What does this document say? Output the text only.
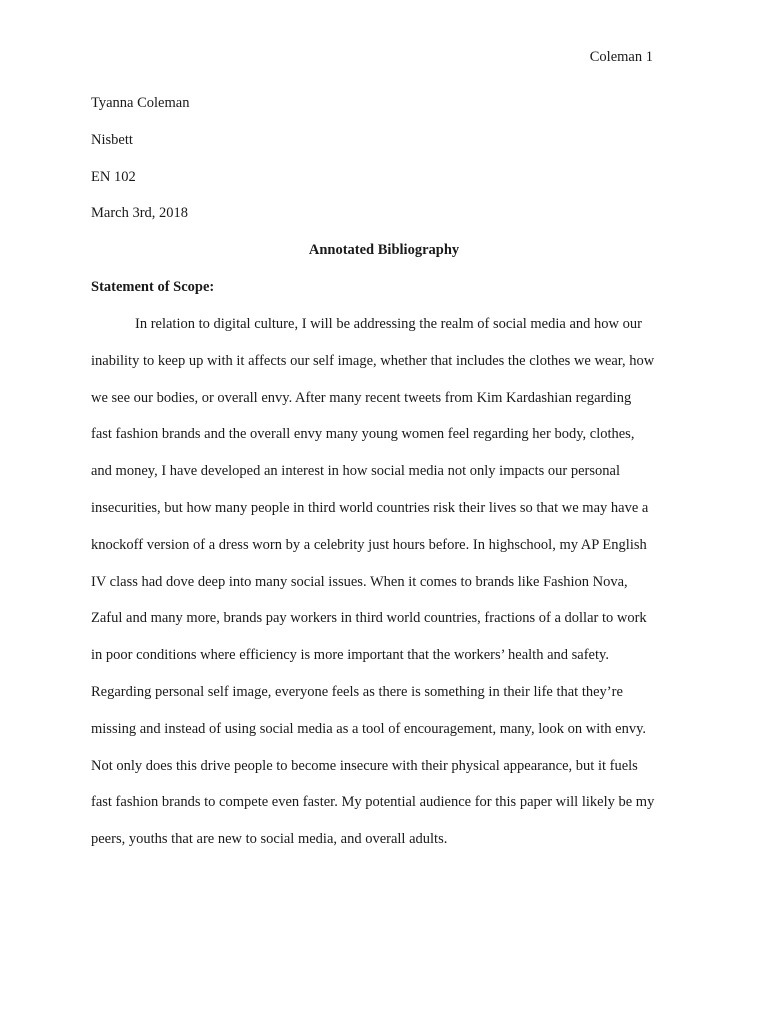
Coleman 1
Tyanna Coleman
Nisbett
EN 102
March 3rd, 2018
Annotated Bibliography
Statement of Scope:
In relation to digital culture, I will be addressing the realm of social media and how our
inability to keep up with it affects our self image, whether that includes the clothes we wear, how
we see our bodies, or overall envy. After many recent tweets from Kim Kardashian regarding
fast fashion brands and the overall envy many young women feel regarding her body, clothes,
and money, I have developed an interest in how social media not only impacts our personal
insecurities, but how many people in third world countries risk their lives so that we may have a
knockoff version of a dress worn by a celebrity just hours before. In highschool, my AP English
IV class had dove deep into many social issues. When it comes to brands like Fashion Nova,
Zaful and many more, brands pay workers in third world countries, fractions of a dollar to work
in poor conditions where efficiency is more important that the workers’ health and safety.
Regarding personal self image, everyone feels as there is something in their life that they’re
missing and instead of using social media as a tool of encouragement, many, look on with envy.
Not only does this drive people to become insecure with their physical appearance, but it fuels
fast fashion brands to compete even faster. My potential audience for this paper will likely be my
peers, youths that are new to social media, and overall adults.
